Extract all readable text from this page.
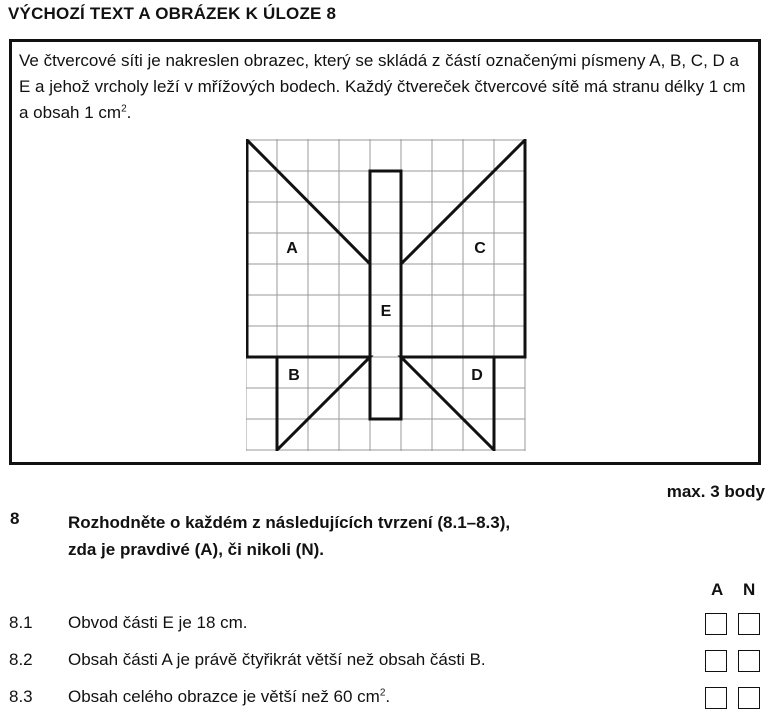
VÝCHOZÍ TEXT A OBRÁZEK K ÚLOZE 8
Ve čtvercové síti je nakreslen obrazec, který se skládá z částí označenými písmeny A, B, C, D a E a jehož vrcholy leží v mřížových bodech. Každý čtvereček čtvercové sítě má stranu délky 1 cm a obsah 1 $cm^2$.
A	C
E
B	D
max. 3 body
8	Rozhodněte o každém z následujících tvrzení (8.1–8.3),
zda je pravdivé (A), či nikoli (N).
A N
8.1 Obvod části E je 18 cm.
8.2 Obsah části A je právě čtyřikrát větší než obsah části B.
8.3 Obsah celého obrazce je větší než 60 $cm^2$.
